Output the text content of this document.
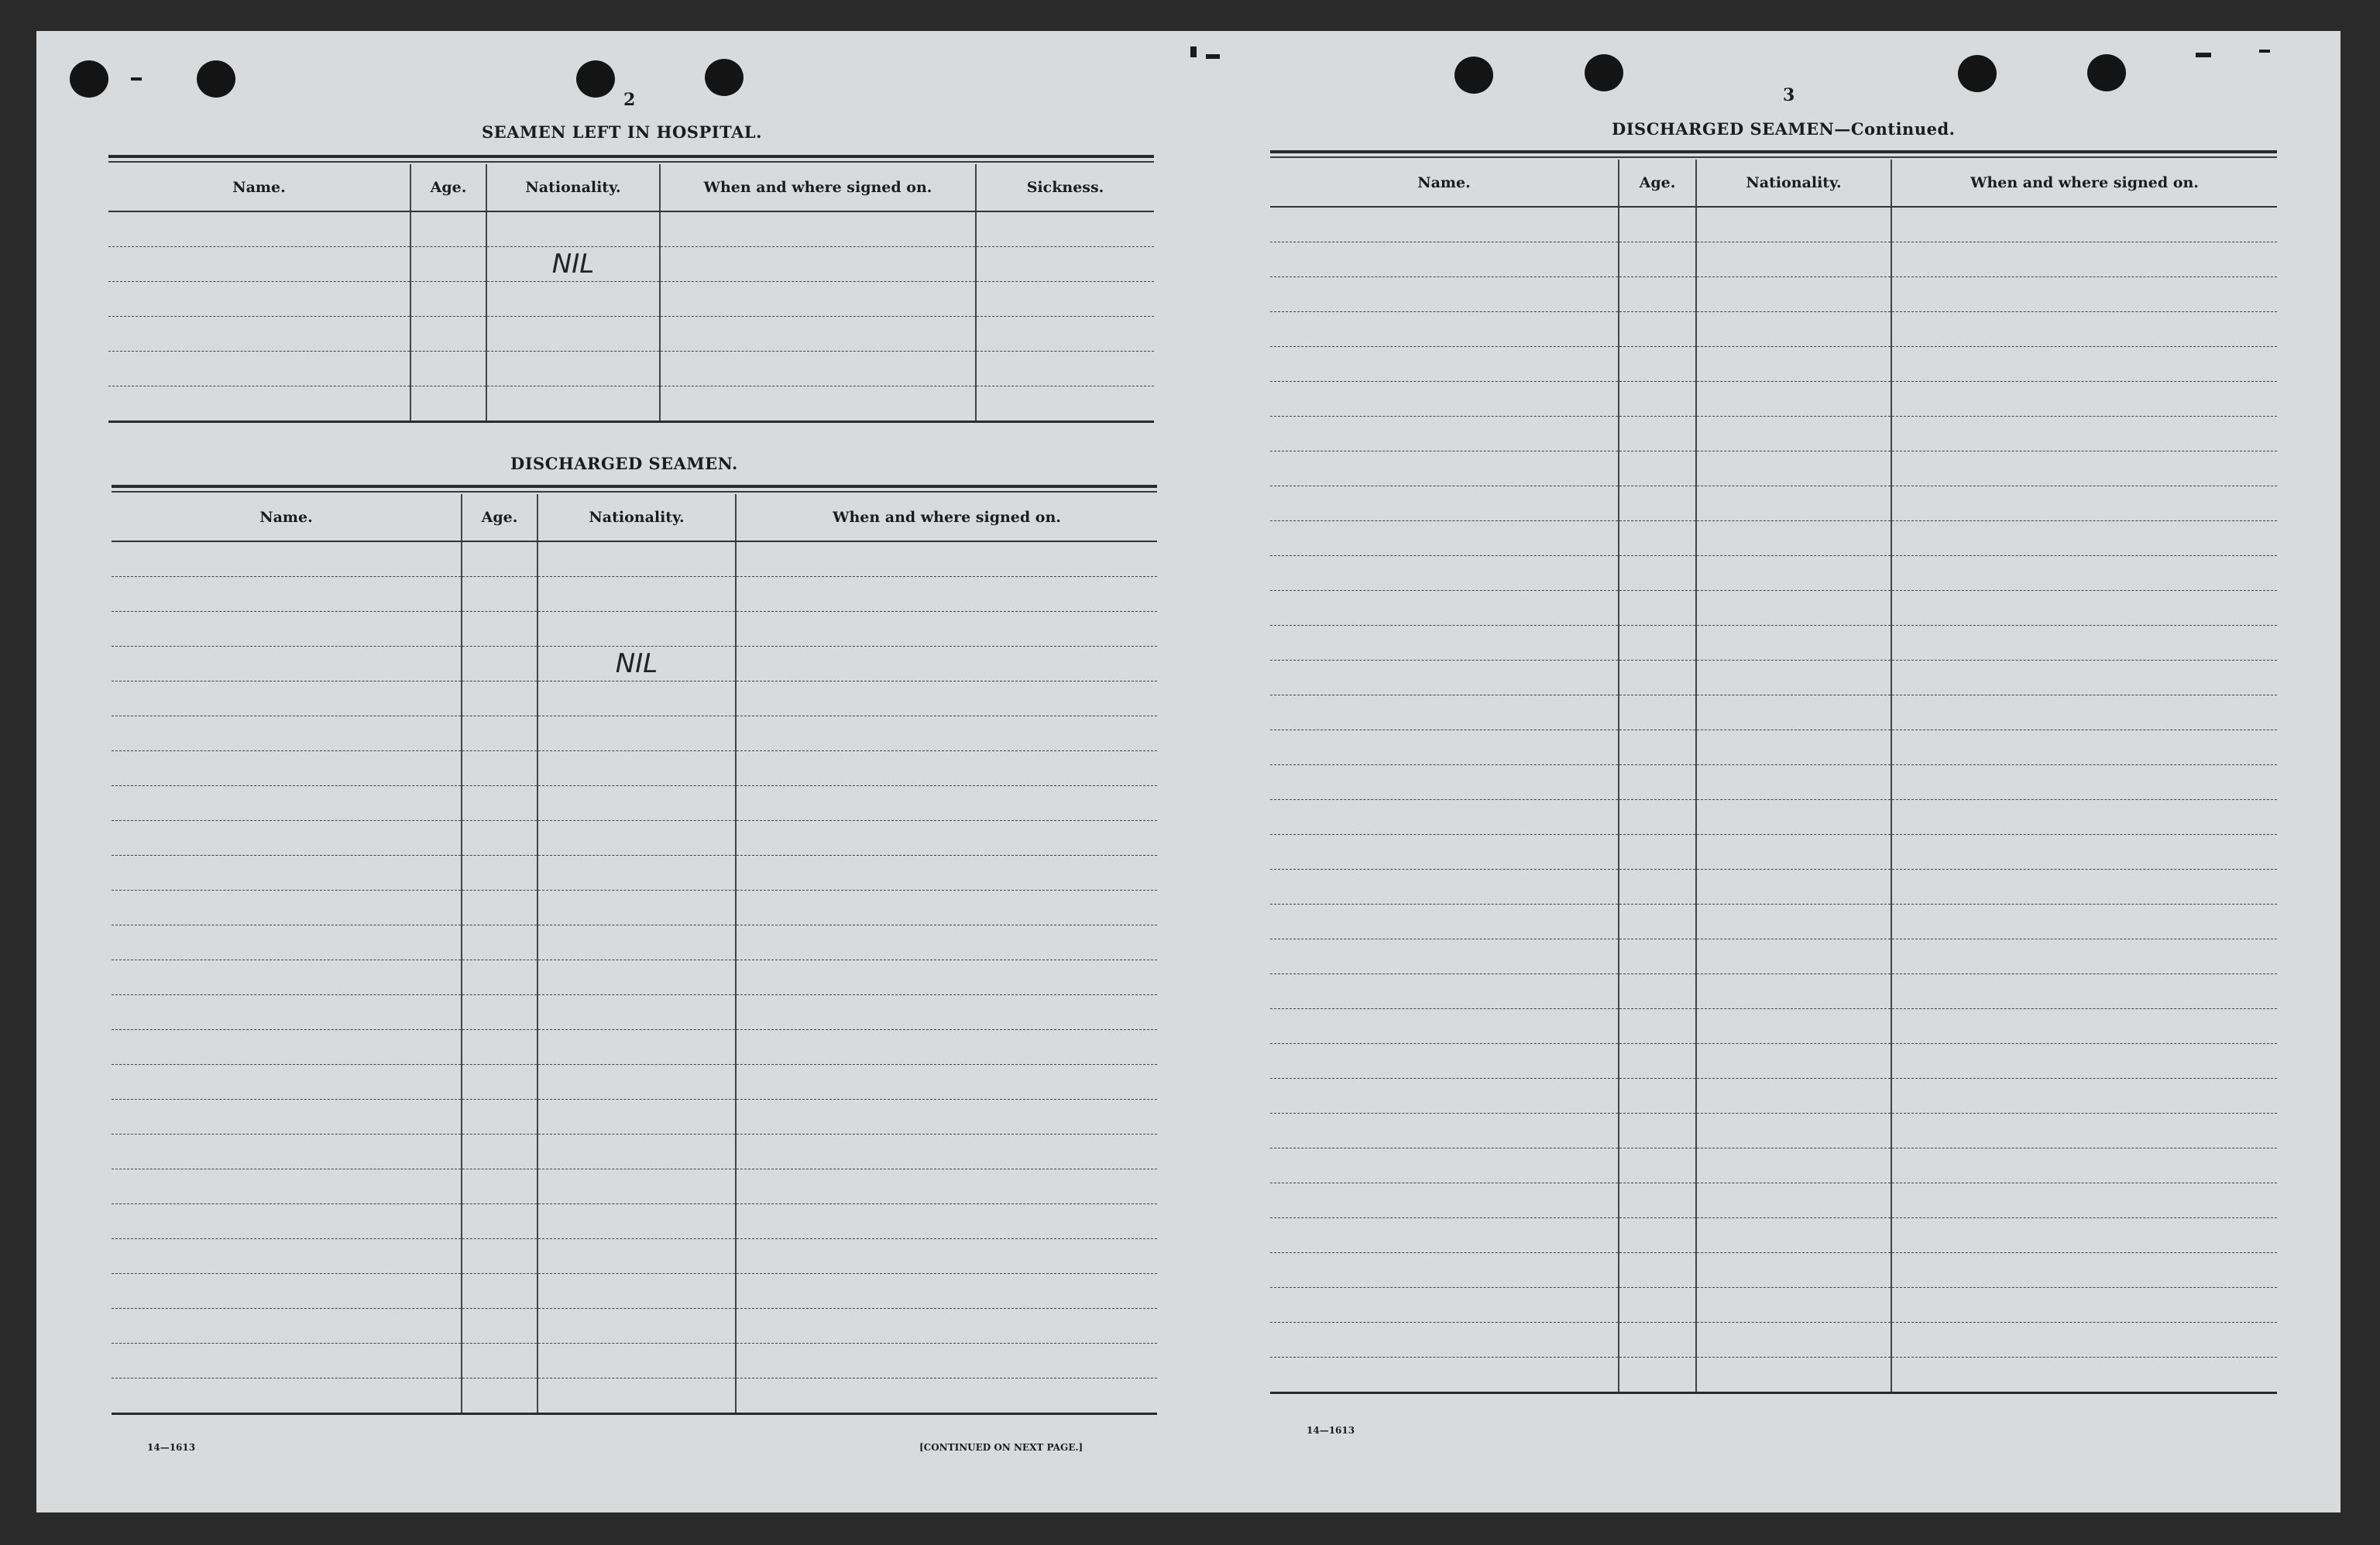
2
SEAMEN LEFT IN HOSPITAL.
Name.	Age.	Nationality.	When and where signed on.	Sickness.

		NIL		

DISCHARGED SEAMEN.
Name.	Age.	Nationality.	When and where signed on.

		NIL	

14—1613	[CONTINUED ON NEXT PAGE.]
3
DISCHARGED SEAMEN—Continued.
Name.	Age.	Nationality.	When and where signed on.

14—1613
